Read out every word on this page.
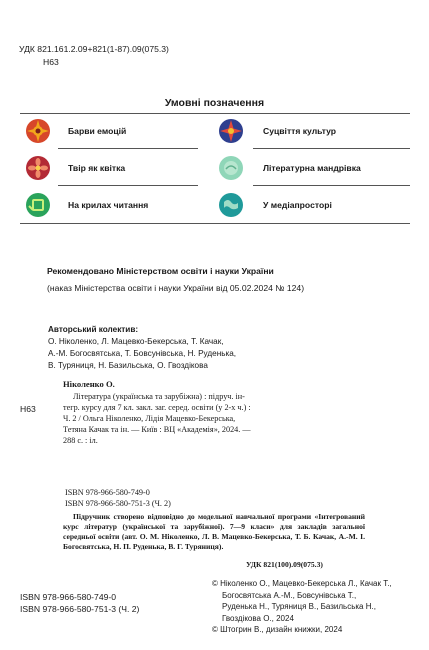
УДК 821.161.2.09+821(1-87).09(075.3)
Н63
Умовні позначення
Барви емоцій	Суцвіття культур
Твір як квітка	Літературна мандрівка
На крилах читання	У медіапросторі
Рекомендовано Міністерством освіти і науки України
(наказ Міністерства освіти і науки України від 05.02.2024 № 124)
Авторський колектив:
О. Ніколенко, Л. Мацевко-Бекерська, Т. Качак,
А.-М. Богосвятська, Т. Бовсунівська, Н. Руденька,
В. Туряниця, Н. Базильська, О. Гвоздікова
Ніколенко О.
Н63
Література (українська та зарубіжна) : підруч. ін-
тегр. курсу для 7 кл. закл. заг. серед. освіти (у 2-х ч.) :
Ч. 2 / Ольга Ніколенко, Лідія Мацевко-Бекерська,
Тетяна Качак та ін. — Київ : ВЦ «Академія», 2024. —
288 с. : іл.
ISBN 978-966-580-749-0
ISBN 978-966-580-751-3 (Ч. 2)
Підручник створено відповідно до модельної навчальної програми «Інтегрований курс літератур (української та зарубіжної). 7—9 класи» для закладів загальної середньої освіти (авт. О. М. Ніколенко, Л. В. Мацевко-Бекерська, Т. Б. Качак, А.-М. І. Богосвятська, Н. П. Руденька, В. Г. Туряниця).
УДК 821(100).09(075.3)
ISBN 978-966-580-749-0
ISBN 978-966-580-751-3 (Ч. 2)
© Ніколенко О., Мацевко-Бекерська Л., Качак Т.,
Богосвятська А.-М., Бовсунівська Т.,
Руденька Н., Туряниця В., Базильська Н.,
Гвоздікова О., 2024
© Штогрин В., дизайн книжки, 2024
